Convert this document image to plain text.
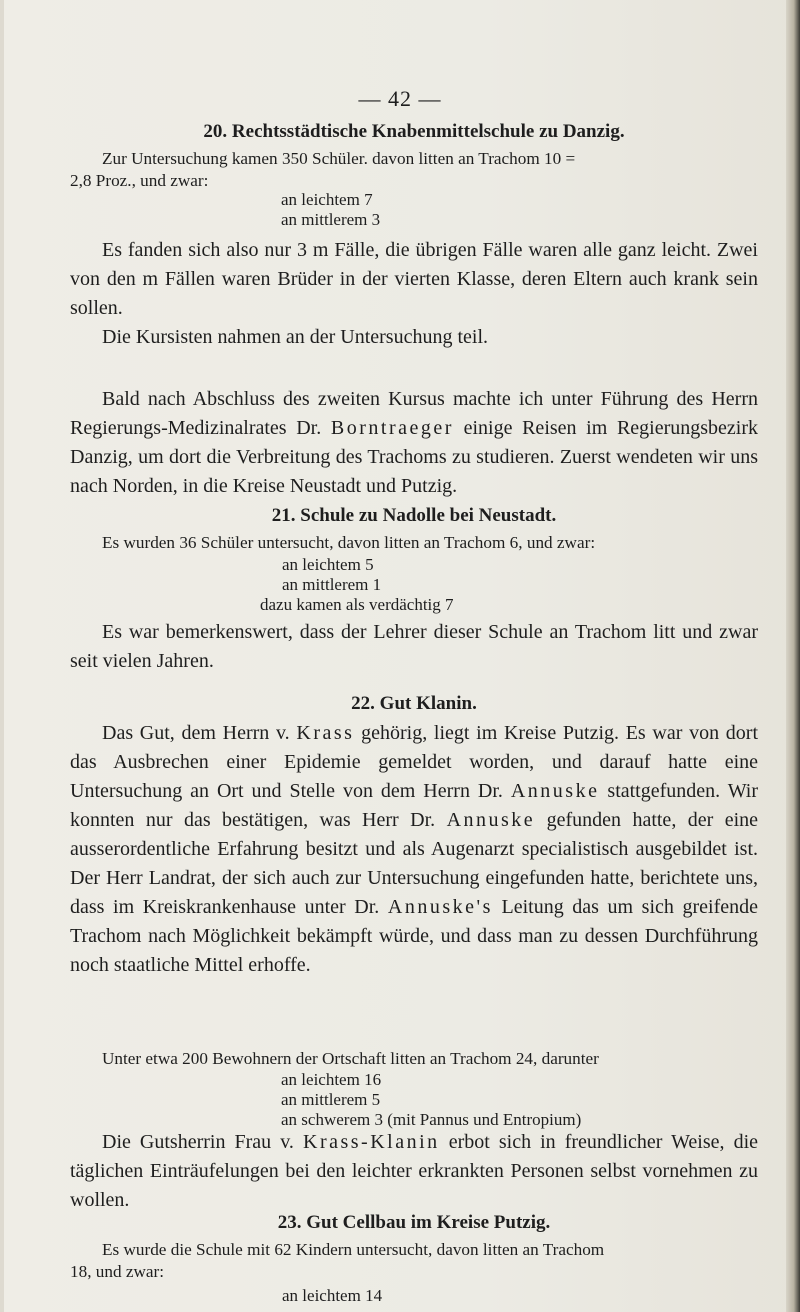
— 42 —
20. Rechtsstädtische Knabenmittelschule zu Danzig.
Zur Untersuchung kamen 350 Schüler. davon litten an Trachom 10 =
2,8 Proz., und zwar:
an leichtem 7
an mittlerem 3

Es fanden sich also nur 3 m Fälle, die übrigen Fälle waren alle ganz leicht. Zwei von den m Fällen waren Brüder in der vierten Klasse, deren Eltern auch krank sein sollen.

Die Kursisten nahmen an der Untersuchung teil.

Bald nach Abschluss des zweiten Kursus machte ich unter Führung des Herrn Regierungs-Medizinalrates Dr. Borntraeger einige Reisen im Regierungsbezirk Danzig, um dort die Verbreitung des Trachoms zu studieren. Zuerst wendeten wir uns nach Norden, in die Kreise Neustadt und Putzig.

21. Schule zu Nadolle bei Neustadt.
Es wurden 36 Schüler untersucht, davon litten an Trachom 6, und zwar:
an leichtem 5
an mittlerem 1
dazu kamen als verdächtig 7

Es war bemerkenswert, dass der Lehrer dieser Schule an Trachom litt und zwar seit vielen Jahren.

22. Gut Klanin.

Das Gut, dem Herrn v. Krass gehörig, liegt im Kreise Putzig. Es war von dort das Ausbrechen einer Epidemie gemeldet worden, und darauf hatte eine Untersuchung an Ort und Stelle von dem Herrn Dr. Annuske stattgefunden. Wir konnten nur das bestätigen, was Herr Dr. Annuske gefunden hatte, der eine ausserordentliche Erfahrung besitzt und als Augenarzt specialistisch ausgebildet ist. Der Herr Landrat, der sich auch zur Untersuchung eingefunden hatte, berichtete uns, dass im Kreiskrankenhause unter Dr. Annuske's Leitung das um sich greifende Trachom nach Möglichkeit bekämpft würde, und dass man zu dessen Durchführung noch staatliche Mittel erhoffe.

Unter etwa 200 Bewohnern der Ortschaft litten an Trachom 24, darunter
an leichtem 16
an mittlerem 5
an schwerem 3 (mit Pannus und Entropium)

Die Gutsherrin Frau v. Krass-Klanin erbot sich in freundlicher Weise, die täglichen Einträufelungen bei den leichter erkrankten Personen selbst vornehmen zu wollen.

23. Gut Cellbau im Kreise Putzig.
Es wurde die Schule mit 62 Kindern untersucht, davon litten an Trachom
18, und zwar:
an leichtem 14
